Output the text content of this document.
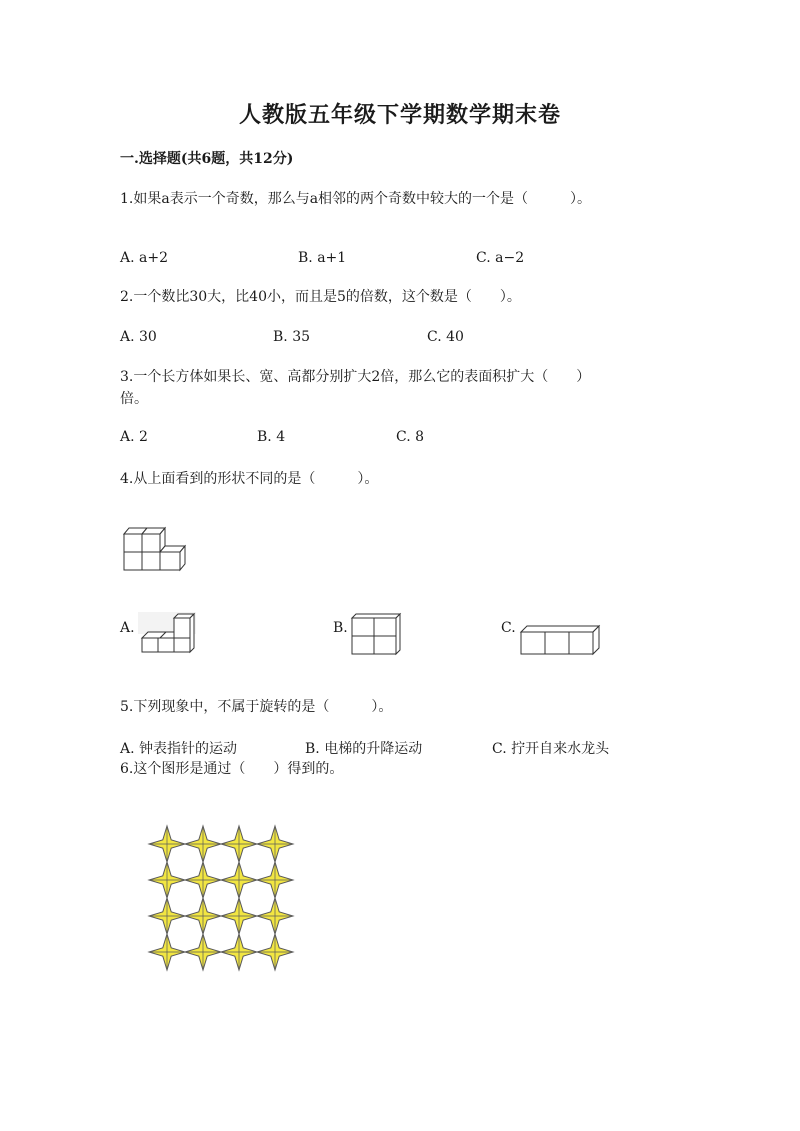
人教版五年级下学期数学期末卷
一.选择题(共6题，共12分)
1.如果a表示一个奇数，那么与a相邻的两个奇数中较大的一个是（　　　）。
A. a+2	B. a+1	C. a−2
2.一个数比30大，比40小，而且是5的倍数，这个数是（　　）。
A. 30	B. 35	C. 40
3.一个长方体如果长、宽、高都分别扩大2倍，那么它的表面积扩大（　　）
倍。
A. 2	B. 4	C. 8
4.从上面看到的形状不同的是（　　　）。
A.	B.	C.
5.下列现象中，不属于旋转的是（　　　）。
A. 钟表指针的运动	B. 电梯的升降运动	C. 拧开自来水龙头
6.这个图形是通过（　　）得到的。
